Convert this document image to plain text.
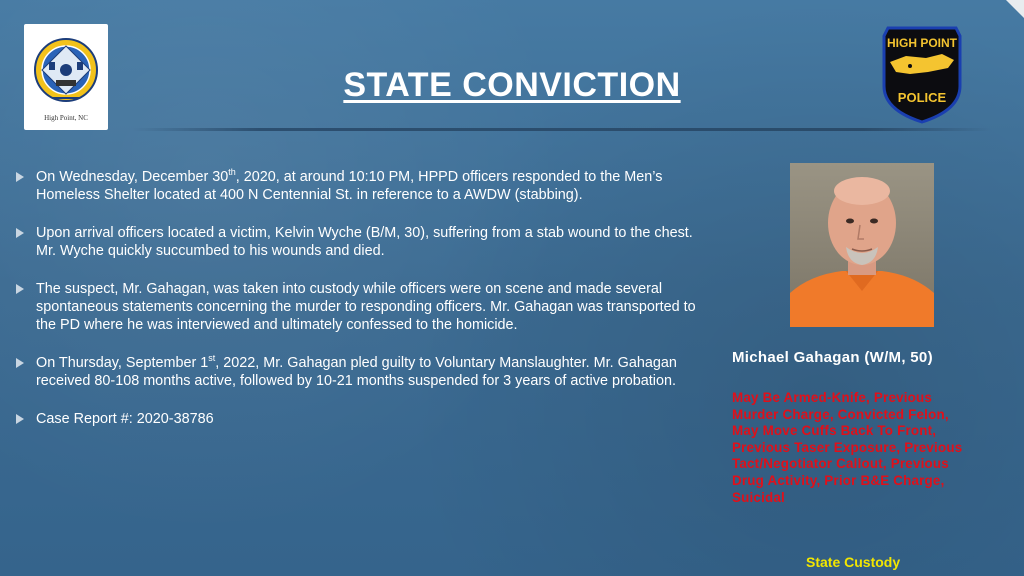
High Point, NC
HIGH POINT
POLICE
STATE CONVICTION
On Wednesday, December 30th, 2020, at around 10:10 PM, HPPD officers responded to the Men’s Homeless Shelter located at 400 N Centennial St. in reference to a AWDW (stabbing).
Upon arrival officers located a victim, Kelvin Wyche (B/M, 30), suffering from a stab wound to the chest. Mr. Wyche quickly succumbed to his wounds and died.
The suspect, Mr. Gahagan, was taken into custody while officers were on scene and made several spontaneous statements concerning the murder to responding officers. Mr. Gahagan was transported to the PD where he was interviewed and ultimately confessed to the homicide.
On Thursday, September 1st, 2022, Mr. Gahagan pled guilty to Voluntary Manslaughter. Mr. Gahagan received 80-108 months active, followed by 10-21 months suspended for 3 years of active probation.
Case Report #: 2020-38786
Michael Gahagan (W/M, 50)
May Be Armed-Knife, Previous Murder Charge, Convicted Felon, May Move Cuffs Back To Front, Previous Taser Exposure, Previous Tact/Negotiator Callout, Previous Drug Activity, Prior B&E Charge, Suicidal
State Custody
